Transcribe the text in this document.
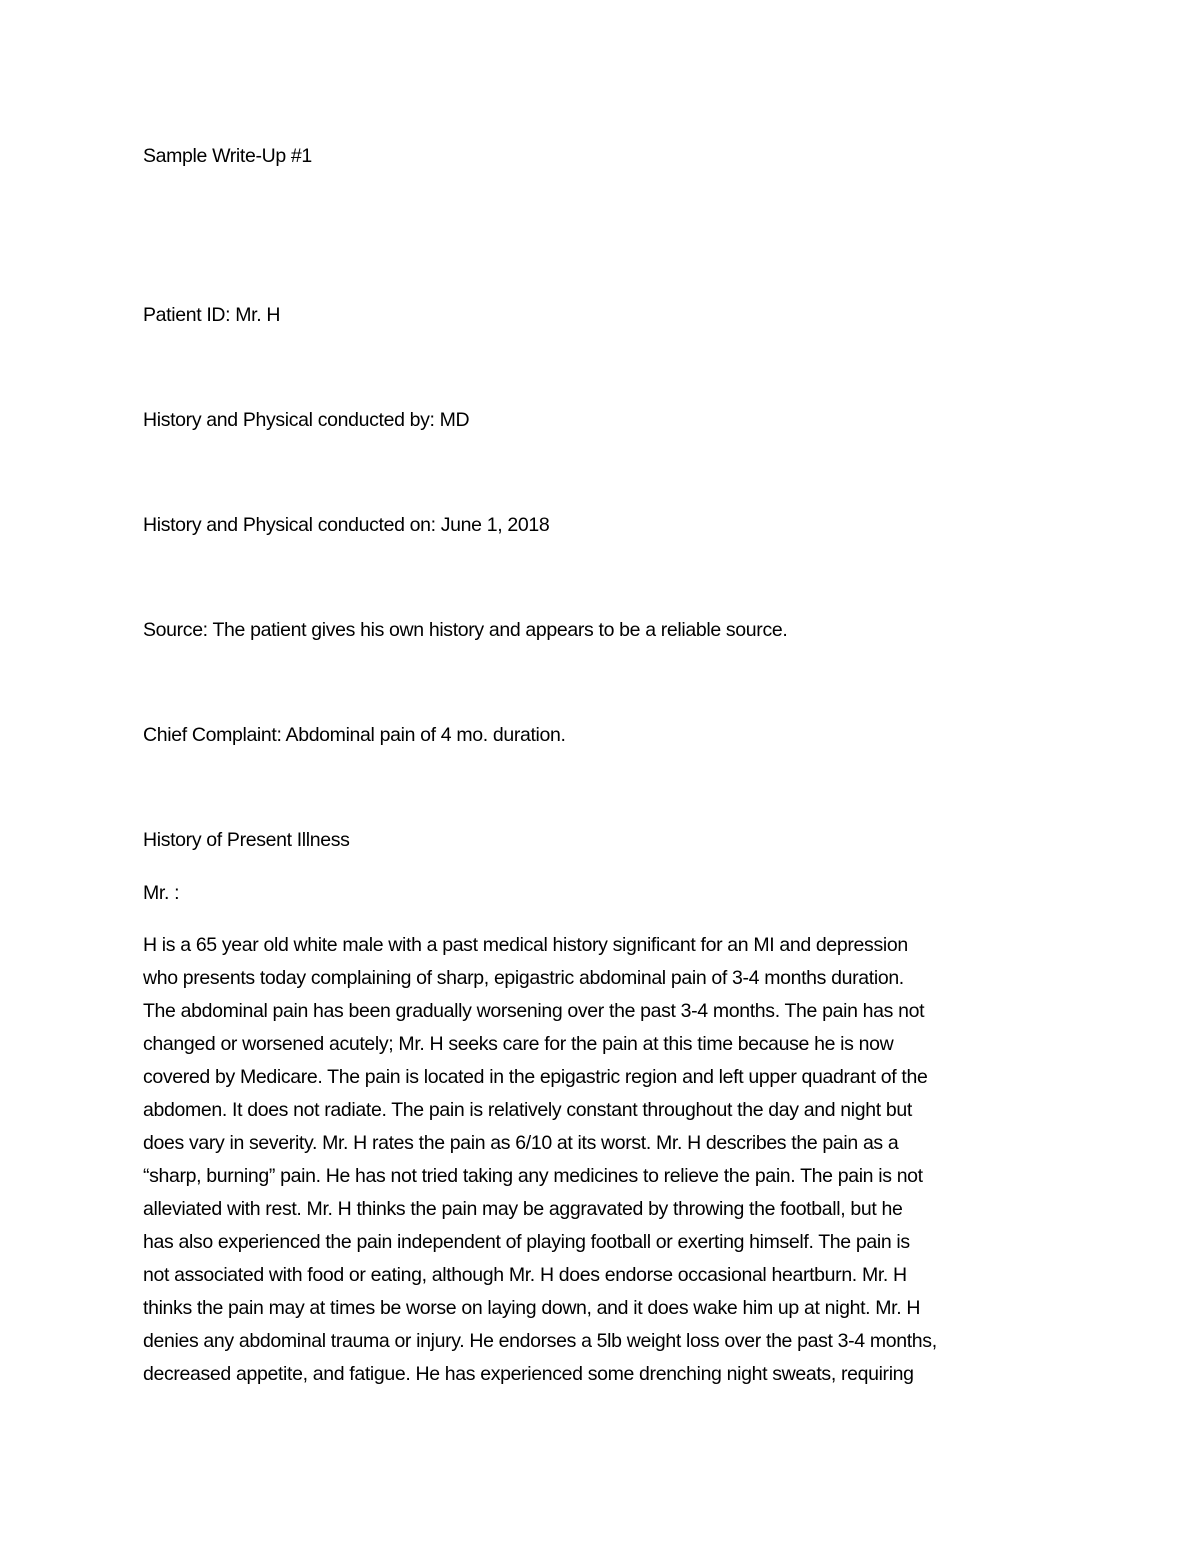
Sample Write-Up #1
Patient ID: Mr. H
History and Physical conducted by: MD
History and Physical conducted on: June 1, 2018
Source: The patient gives his own history and appears to be a reliable source.
Chief Complaint: Abdominal pain of 4 mo. duration.
History of Present Illness
Mr. :
H is a 65 year old white male with a past medical history significant for an MI and depression
who presents today complaining of sharp, epigastric abdominal pain of 3-4 months duration.
The abdominal pain has been gradually worsening over the past 3-4 months. The pain has not
changed or worsened acutely; Mr. H seeks care for the pain at this time because he is now
covered by Medicare. The pain is located in the epigastric region and left upper quadrant of the
abdomen. It does not radiate. The pain is relatively constant throughout the day and night but
does vary in severity. Mr. H rates the pain as 6/10 at its worst. Mr. H describes the pain as a
“sharp, burning” pain. He has not tried taking any medicines to relieve the pain. The pain is not
alleviated with rest. Mr. H thinks the pain may be aggravated by throwing the football, but he
has also experienced the pain independent of playing football or exerting himself. The pain is
not associated with food or eating, although Mr. H does endorse occasional heartburn. Mr. H
thinks the pain may at times be worse on laying down, and it does wake him up at night. Mr. H
denies any abdominal trauma or injury. He endorses a 5lb weight loss over the past 3-4 months,
decreased appetite, and fatigue. He has experienced some drenching night sweats, requiring
